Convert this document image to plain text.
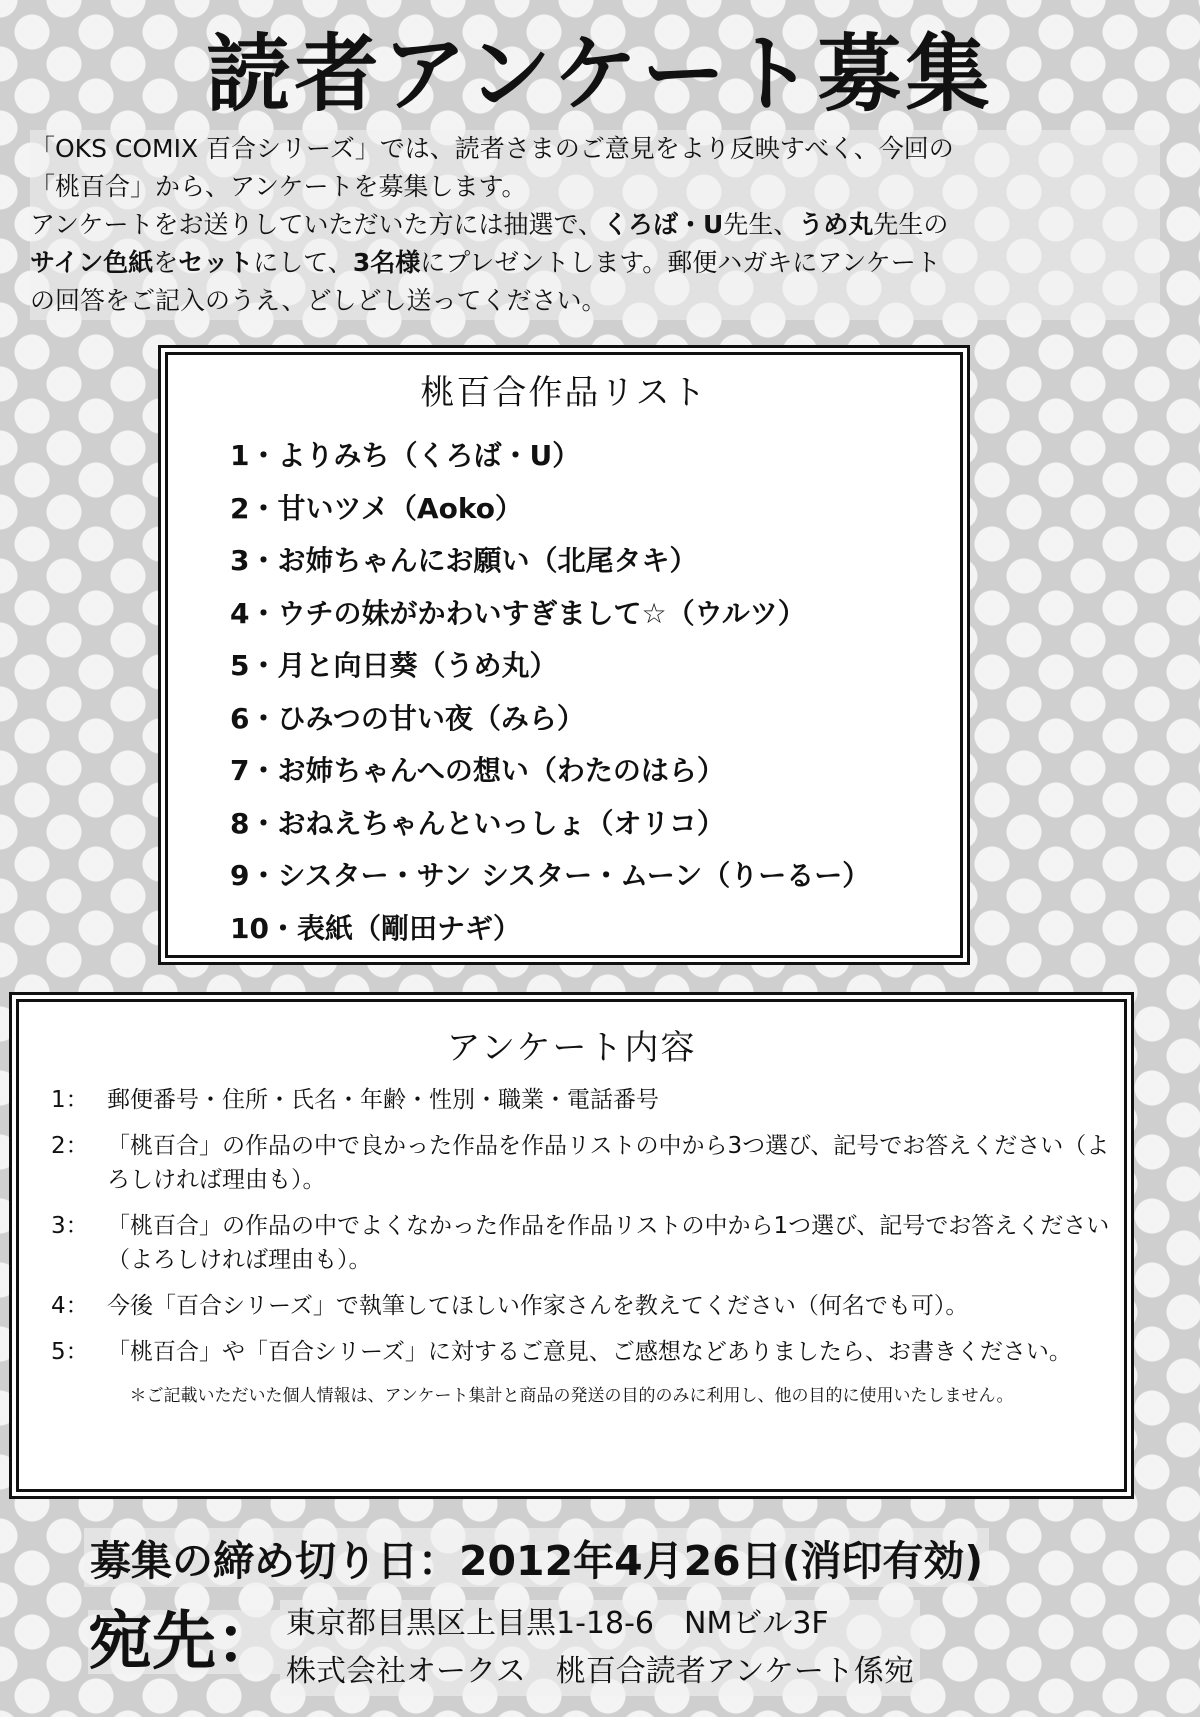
読者アンケート募集

「OKS COMIX 百合シリーズ」では、読者さまのご意見をより反映すべく、今回の

「桃百合」から、アンケートを募集します。

アンケートをお送りしていただいた方には抽選で、くろば・U先生、うめ丸先生の

サイン色紙をセットにして、3名様にプレゼントします。郵便ハガキにアンケート

の回答をご記入のうえ、どしどし送ってください。

桃百合作品リスト
1・よりみち（くろば・U）
2・甘いツメ（Aoko）
3・お姉ちゃんにお願い（北尾タキ）
4・ウチの妹がかわいすぎまして☆（ウルツ）
5・月と向日葵（うめ丸）
6・ひみつの甘い夜（みら）
7・お姉ちゃんへの想い（わたのはら）
8・おねえちゃんといっしょ（オリコ）
9・シスター・サン シスター・ムーン（りーるー）
10・表紙（剛田ナギ）
アンケート内容
1： 郵便番号・住所・氏名・年齢・性別・職業・電話番号
2： 「桃百合」の作品の中で良かった作品を作品リストの中から3つ選び、記号でお答えください（よろしければ理由も）。
3： 「桃百合」の作品の中でよくなかった作品を作品リストの中から1つ選び、記号でお答えください（よろしければ理由も）。
4： 今後「百合シリーズ」で執筆してほしい作家さんを教えてください（何名でも可）。
5： 「桃百合」や「百合シリーズ」に対するご意見、ご感想などありましたら、お書きください。
＊ご記載いただいた個人情報は、アンケート集計と商品の発送の目的のみに利用し、他の目的に使用いたしません。
募集の締め切り日：2012年4月26日(消印有効)
宛先： 東京都目黒区上目黒1-18-6　NMビル3F
株式会社オークス　桃百合読者アンケート係宛
